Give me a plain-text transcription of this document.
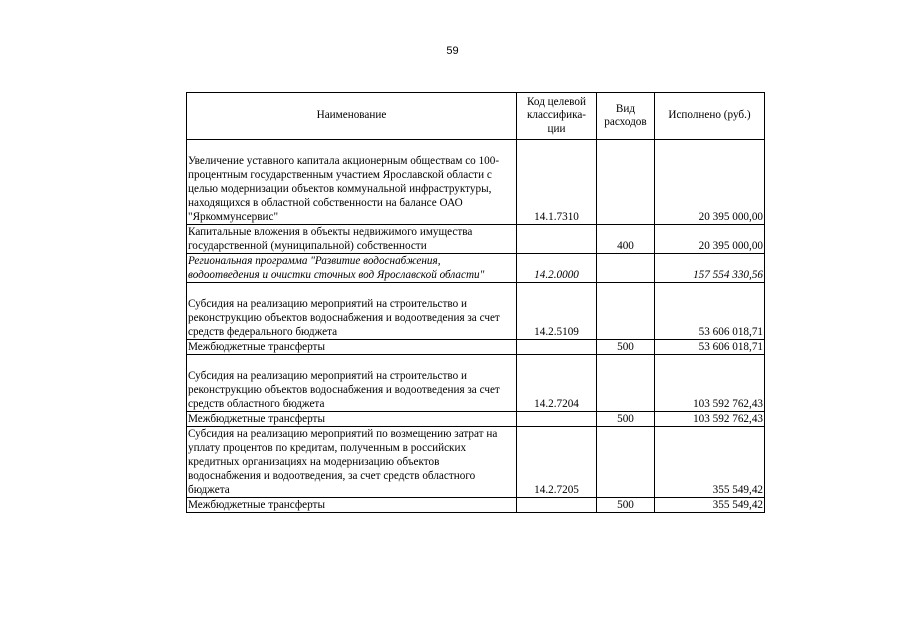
59
Наименование	Код целевой классифика-ции	Вид расходов	Исполнено (руб.)

Увеличение уставного капитала акционерным обществам со 100-процентным государственным участием Ярославской области с целью модернизации объектов коммунальной инфраструктуры, находящихся в областной собственности на балансе ОАО "Яркоммунсервис"	14.1.7310		20 395 000,00

Капитальные вложения в объекты недвижимого имущества государственной (муниципальной) собственности		400	20 395 000,00

Региональная программа "Развитие водоснабжения, водоотведения и очистки сточных вод Ярославской области"	14.2.0000		157 554 330,56

Субсидия на реализацию мероприятий на строительство и реконструкцию объектов водоснабжения и водоотведения за счет средств федерального бюджета	14.2.5109		53 606 018,71

Межбюджетные трансферты		500	53 606 018,71

Субсидия на реализацию мероприятий на строительство и реконструкцию объектов водоснабжения и водоотведения за счет средств областного бюджета	14.2.7204		103 592 762,43

Межбюджетные трансферты		500	103 592 762,43

Субсидия на реализацию мероприятий по возмещению затрат на уплату процентов по кредитам, полученным в российских кредитных организациях на модернизацию объектов водоснабжения и водоотведения, за счет средств областного бюджета	14.2.7205		355 549,42

Межбюджетные трансферты		500	355 549,42
